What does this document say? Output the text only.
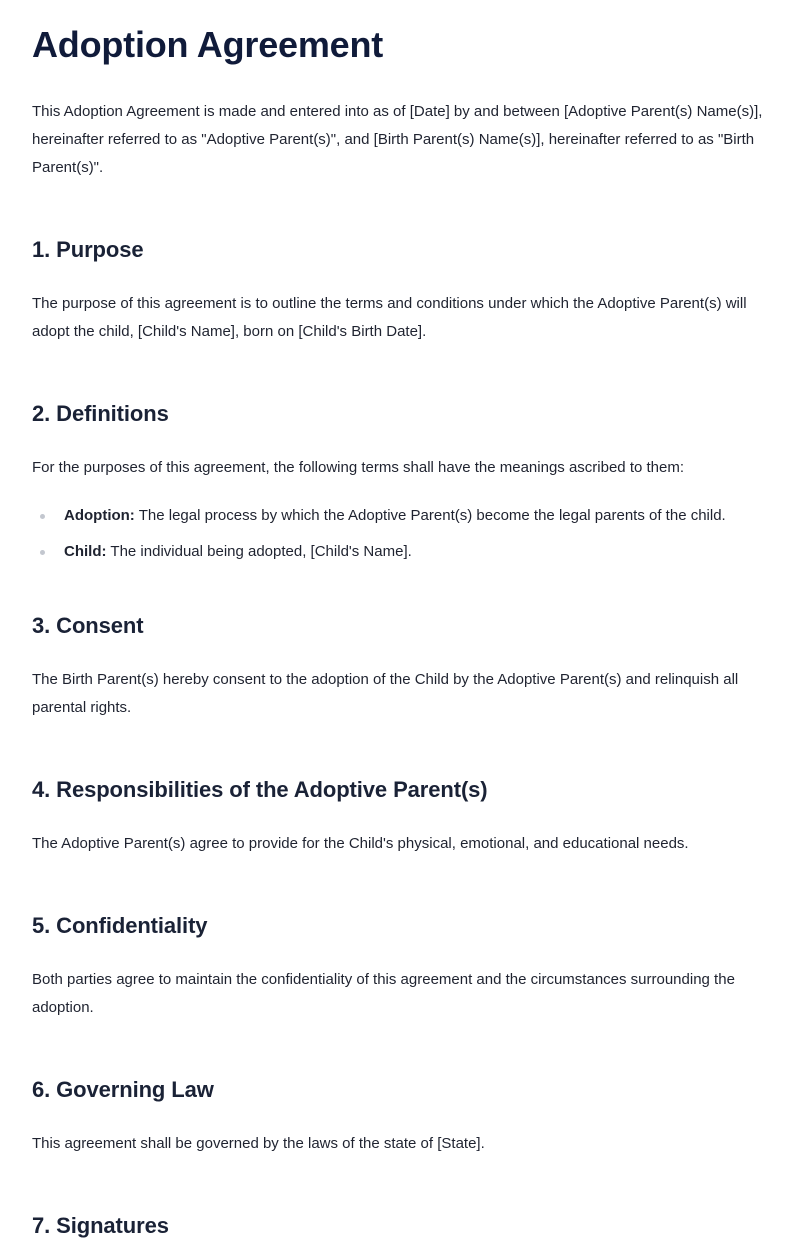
Adoption Agreement

This Adoption Agreement is made and entered into as of [Date] by and between [Adoptive Parent(s) Name(s)], hereinafter referred to as "Adoptive Parent(s)", and [Birth Parent(s) Name(s)], hereinafter referred to as "Birth Parent(s)".

1. Purpose

The purpose of this agreement is to outline the terms and conditions under which the Adoptive Parent(s) will adopt the child, [Child's Name], born on [Child's Birth Date].

2. Definitions

For the purposes of this agreement, the following terms shall have the meanings ascribed to them:

Adoption: The legal process by which the Adoptive Parent(s) become the legal parents of the child.
Child: The individual being adopted, [Child's Name].
3. Consent

The Birth Parent(s) hereby consent to the adoption of the Child by the Adoptive Parent(s) and relinquish all parental rights.

4. Responsibilities of the Adoptive Parent(s)

The Adoptive Parent(s) agree to provide for the Child's physical, emotional, and educational needs.

5. Confidentiality

Both parties agree to maintain the confidentiality of this agreement and the circumstances surrounding the adoption.

6. Governing Law

This agreement shall be governed by the laws of the state of [State].

7. Signatures
